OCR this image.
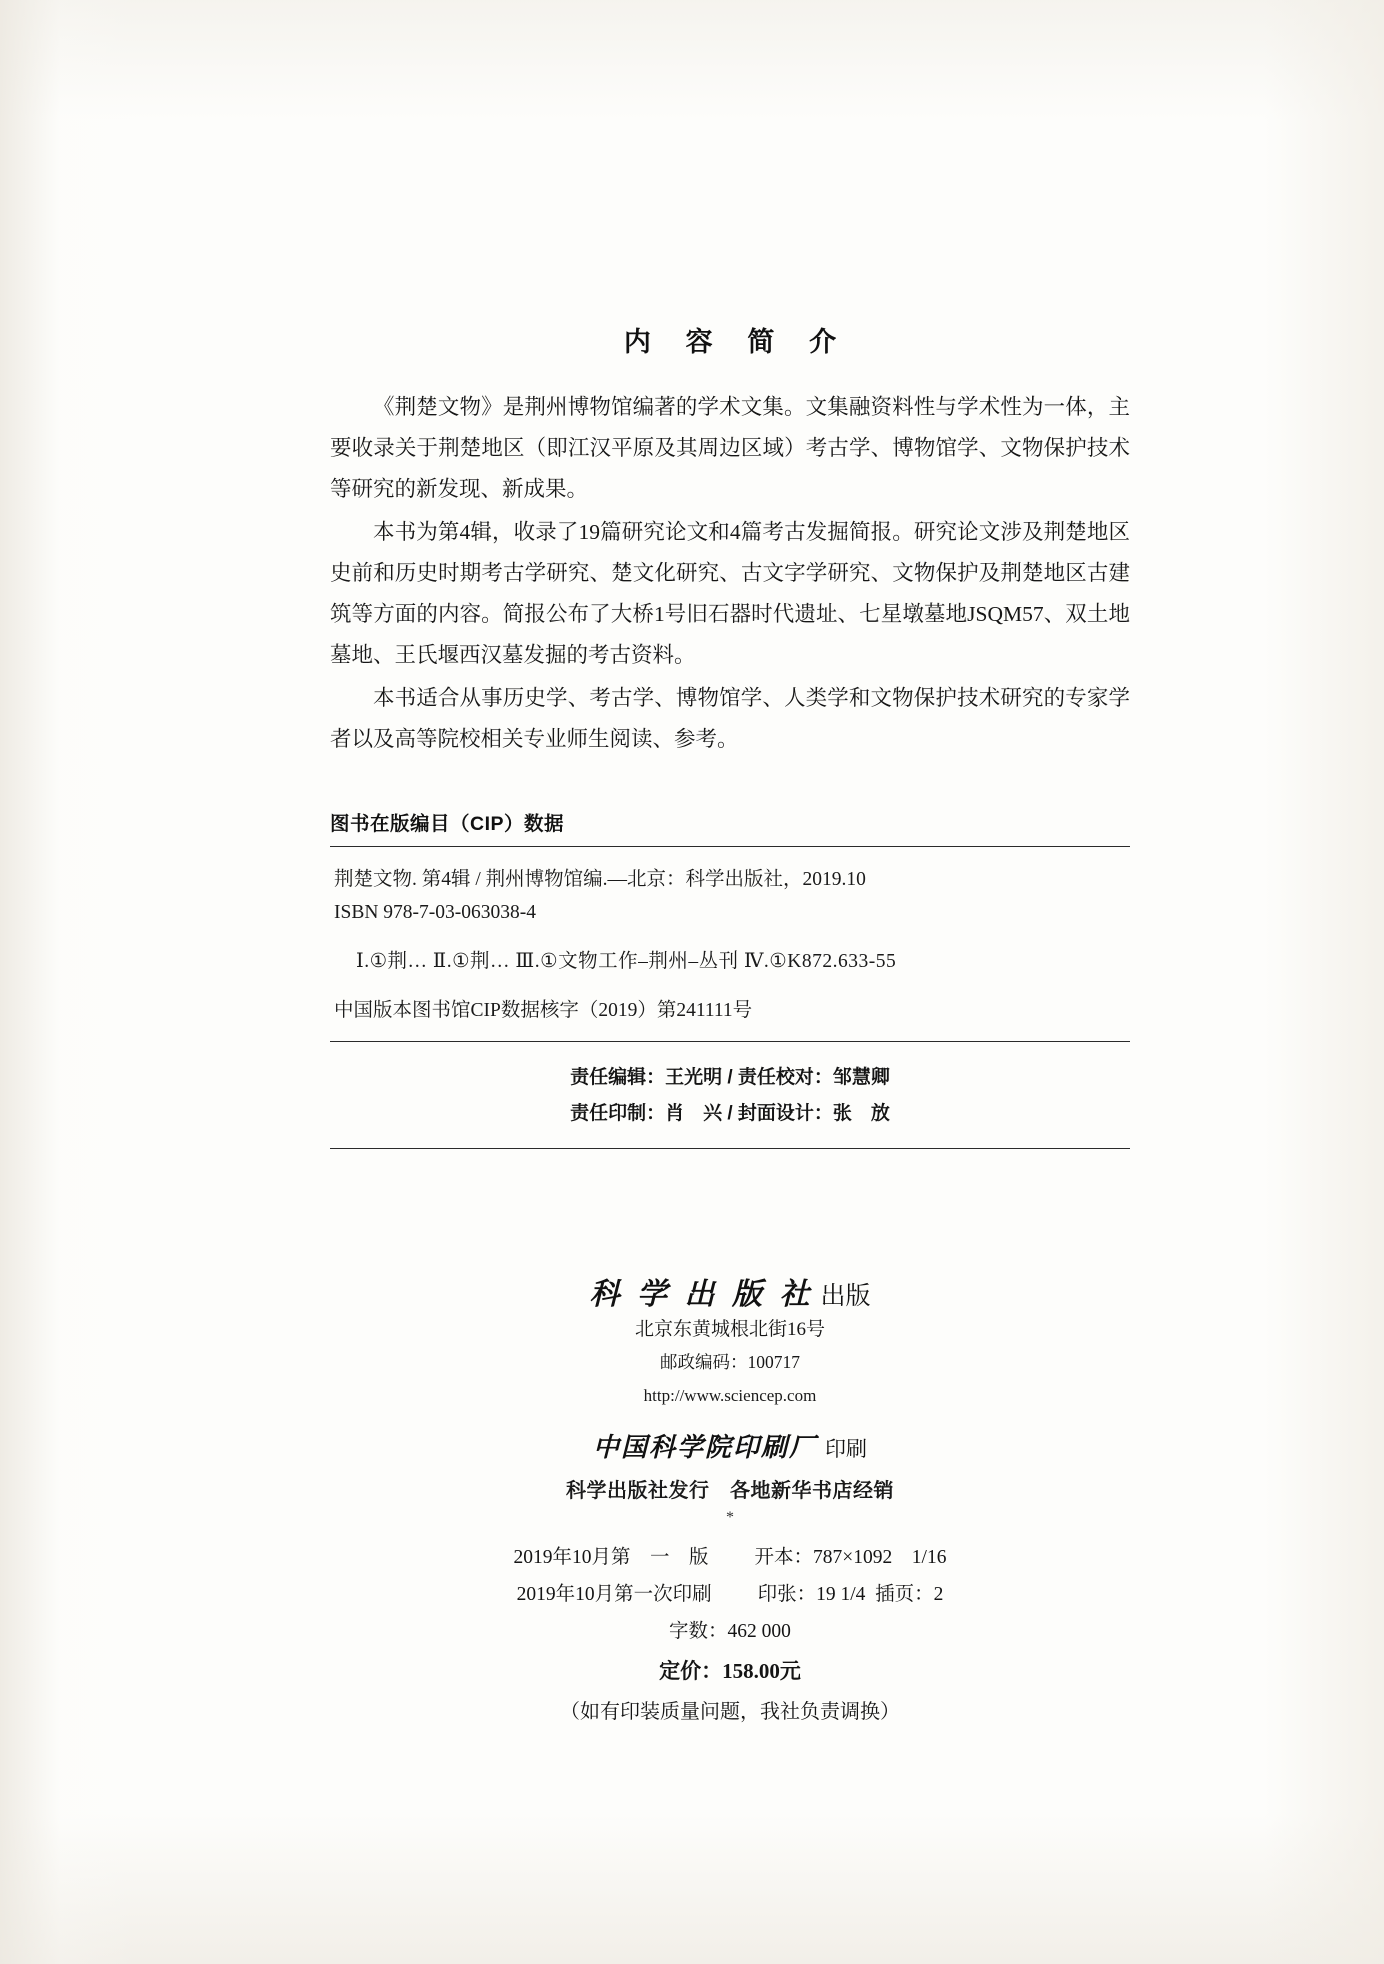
内 容 简 介

《荆楚文物》是荆州博物馆编著的学术文集。文集融资料性与学术性为一体，主要收录关于荆楚地区（即江汉平原及其周边区域）考古学、博物馆学、文物保护技术等研究的新发现、新成果。

本书为第4辑，收录了19篇研究论文和4篇考古发掘简报。研究论文涉及荆楚地区史前和历史时期考古学研究、楚文化研究、古文字学研究、文物保护及荆楚地区古建筑等方面的内容。简报公布了大桥1号旧石器时代遗址、七星墩墓地JSQM57、双土地墓地、王氏堰西汉墓发掘的考古资料。

本书适合从事历史学、考古学、博物馆学、人类学和文物保护技术研究的专家学者以及高等院校相关专业师生阅读、参考。

图书在版编目（CIP）数据

荆楚文物. 第4辑 / 荆州博物馆编.—北京：科学出版社，2019.10

ISBN 978-7-03-063038-4

Ⅰ.①荆… Ⅱ.①荆… Ⅲ.①文物工作–荆州–丛刊 Ⅳ.①K872.633-55

中国版本图书馆CIP数据核字（2019）第241111号

责任编辑：王光明 / 责任校对：邹慧卿
责任印制：肖　兴 / 封面设计：张　放
科 学 出 版 社 出版
北京东黄城根北街16号
邮政编码：100717
http://www.sciencep.com
中国科学院印刷厂 印刷
科学出版社发行　各地新华书店经销
*
2019年10月第　一　版 开本：787×1092　1/16
2019年10月第一次印刷 印张：19 1/4  插页：2
字数：462 000
定价：158.00元
（如有印装质量问题，我社负责调换）
